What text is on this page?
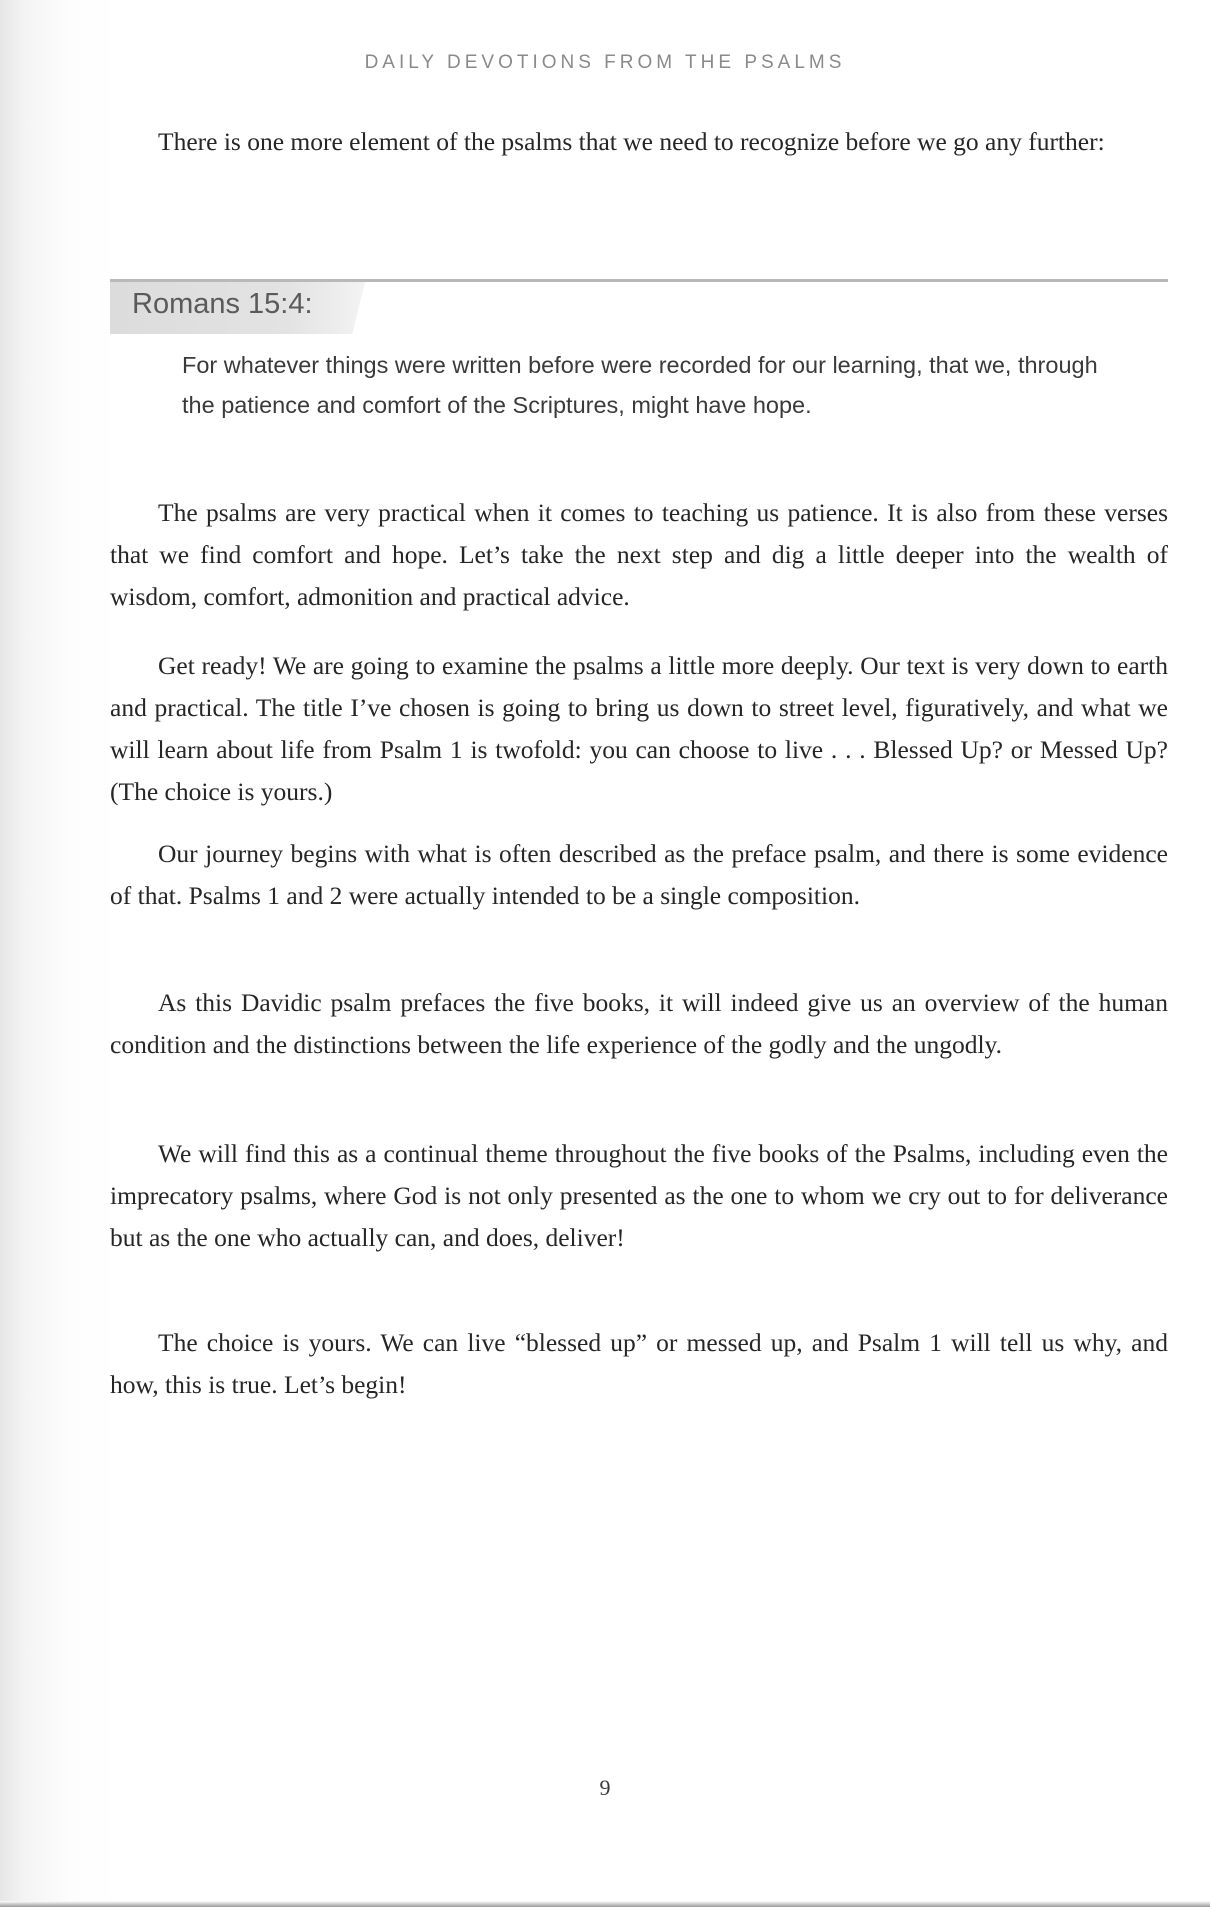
DAILY DEVOTIONS FROM THE PSALMS

There is one more element of the psalms that we need to recognize before we go any further:

Romans 15:4:

For whatever things were written before were recorded for our learning, that we, through the patience and comfort of the Scriptures, might have hope.

The psalms are very practical when it comes to teaching us patience. It is also from these verses that we find comfort and hope. Let’s take the next step and dig a little deeper into the wealth of wisdom, comfort, admonition and practical advice.

Get ready! We are going to examine the psalms a little more deeply. Our text is very down to earth and practical. The title I’ve chosen is going to bring us down to street level, figuratively, and what we will learn about life from Psalm 1 is twofold: you can choose to live . . . Blessed Up? or Messed Up? (The choice is yours.)

Our journey begins with what is often described as the preface psalm, and there is some evidence of that. Psalms 1 and 2 were actually intended to be a single composition.

As this Davidic psalm prefaces the five books, it will indeed give us an overview of the human condition and the distinctions between the life experience of the godly and the ungodly.

We will find this as a continual theme throughout the five books of the Psalms, including even the imprecatory psalms, where God is not only presented as the one to whom we cry out to for deliverance but as the one who actually can, and does, deliver!

The choice is yours. We can live “blessed up” or messed up, and Psalm 1 will tell us why, and how, this is true. Let’s begin!

9
